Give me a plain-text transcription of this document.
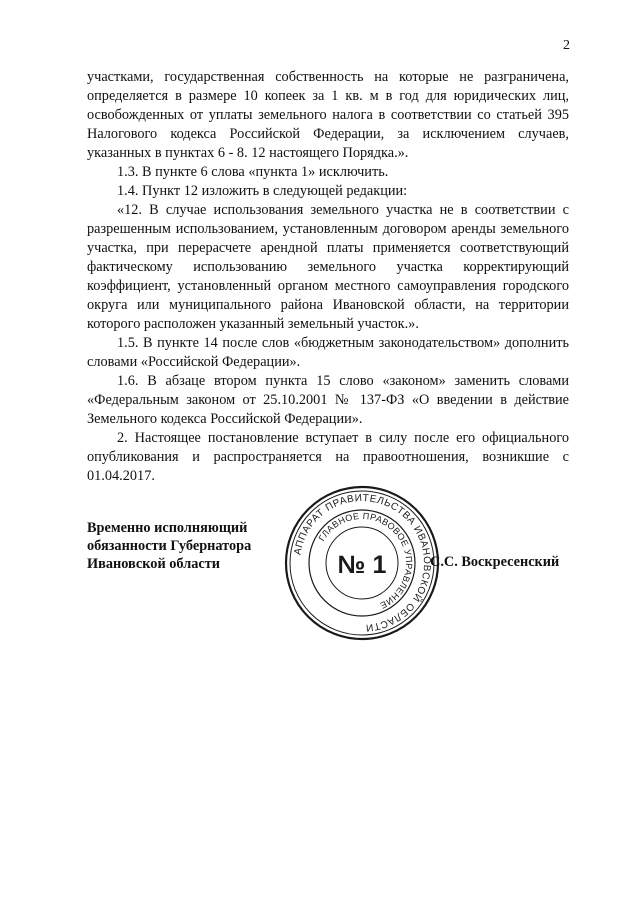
2

участками, государственная собственность на которые не разграничена, определяется в размере 10 копеек за 1 кв. м в год для юридических лиц, освобожденных от уплаты земельного налога в соответствии со статьей 395 Налогового кодекса Российской Федерации, за исключением случаев, указанных в пунктах 6 - 8. 12 настоящего Порядка.».

1.3. В пункте 6 слова «пункта 1» исключить.

1.4. Пункт 12 изложить в следующей редакции:

«12. В случае использования земельного участка не в соответствии с разрешенным использованием, установленным договором аренды земельного участка, при перерасчете арендной платы применяется соответствующий фактическому использованию земельного участка корректирующий коэффициент, установленный органом местного самоуправления городского округа или муниципального района Ивановской области, на территории которого расположен указанный земельный участок.».

1.5. В пункте 14 после слов «бюджетным законодательством» дополнить словами «Российской Федерации».

1.6. В абзаце втором пункта 15 слово «законом» заменить словами «Федеральным законом от 25.10.2001 № 137-ФЗ «О введении в действие Земельного кодекса Российской Федерации».

2. Настоящее постановление вступает в силу после его официального опубликования и распространяется на правоотношения, возникшие с 01.04.2017.

Временно исполняющий
обязанности Губернатора
Ивановской области
АППАРАТ ПРАВИТЕЛЬСТВА ИВАНОВСКОЙ ОБЛАСТИ
ГЛАВНОЕ ПРАВОВОЕ УПРАВЛЕНИЕ
№ 1	С.С. Воскресенский
